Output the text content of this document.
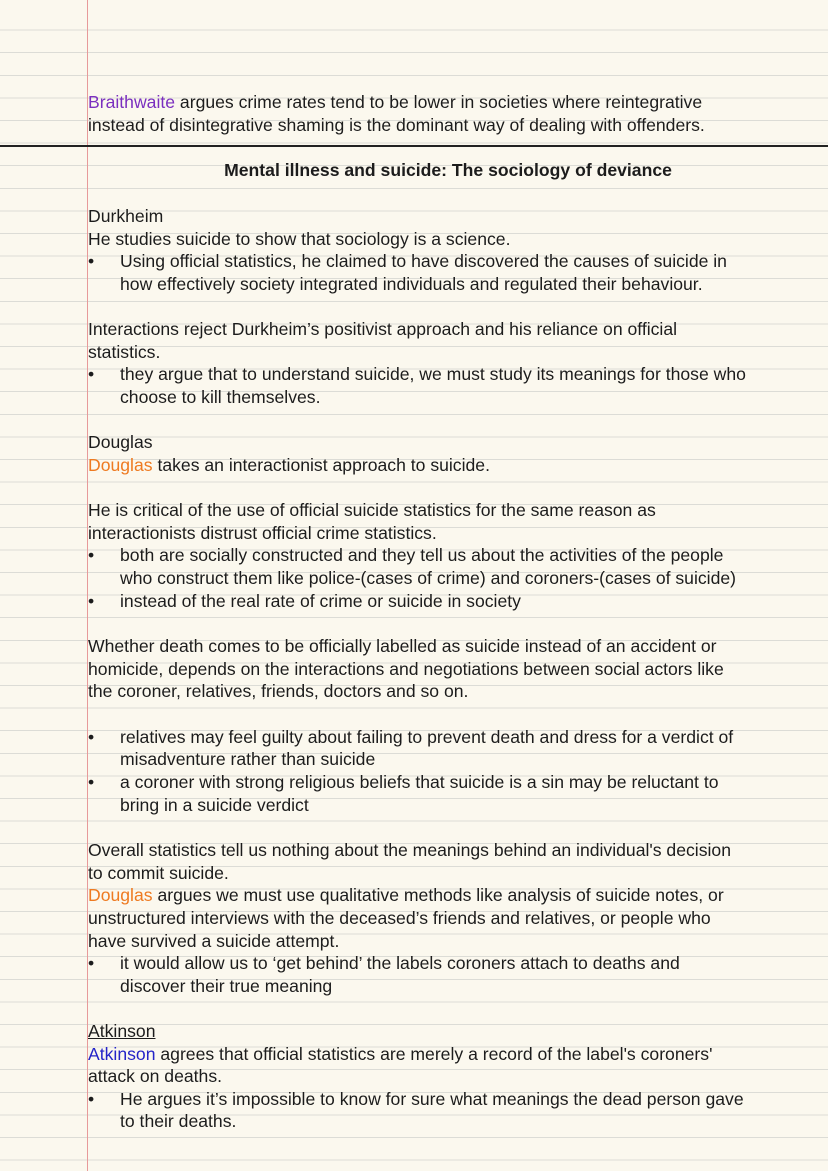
Braithwaite argues crime rates tend to be lower in societies where reintegrative
instead of disintegrative shaming is the dominant way of dealing with offenders.
Mental illness and suicide: The sociology of deviance
Durkheim
He studies suicide to show that sociology is a science.
• Using official statistics, he claimed to have discovered the causes of suicide in
how effectively society integrated individuals and regulated their behaviour.
Interactions reject Durkheim’s positivist approach and his reliance on official
statistics.
• they argue that to understand suicide, we must study its meanings for those who
choose to kill themselves.
Douglas
Douglas takes an interactionist approach to suicide.
He is critical of the use of official suicide statistics for the same reason as
interactionists distrust official crime statistics.
• both are socially constructed and they tell us about the activities of the people
who construct them like police-(cases of crime) and coroners-(cases of suicide)
• instead of the real rate of crime or suicide in society
Whether death comes to be officially labelled as suicide instead of an accident or
homicide, depends on the interactions and negotiations between social actors like
the coroner, relatives, friends, doctors and so on.
• relatives may feel guilty about failing to prevent death and dress for a verdict of
misadventure rather than suicide
• a coroner with strong religious beliefs that suicide is a sin may be reluctant to
bring in a suicide verdict
Overall statistics tell us nothing about the meanings behind an individual's decision
to commit suicide.
Douglas argues we must use qualitative methods like analysis of suicide notes, or
unstructured interviews with the deceased’s friends and relatives, or people who
have survived a suicide attempt.
• it would allow us to ‘get behind’ the labels coroners attach to deaths and
discover their true meaning
Atkinson
Atkinson agrees that official statistics are merely a record of the label's coroners'
attack on deaths.
• He argues it’s impossible to know for sure what meanings the dead person gave
to their deaths.
